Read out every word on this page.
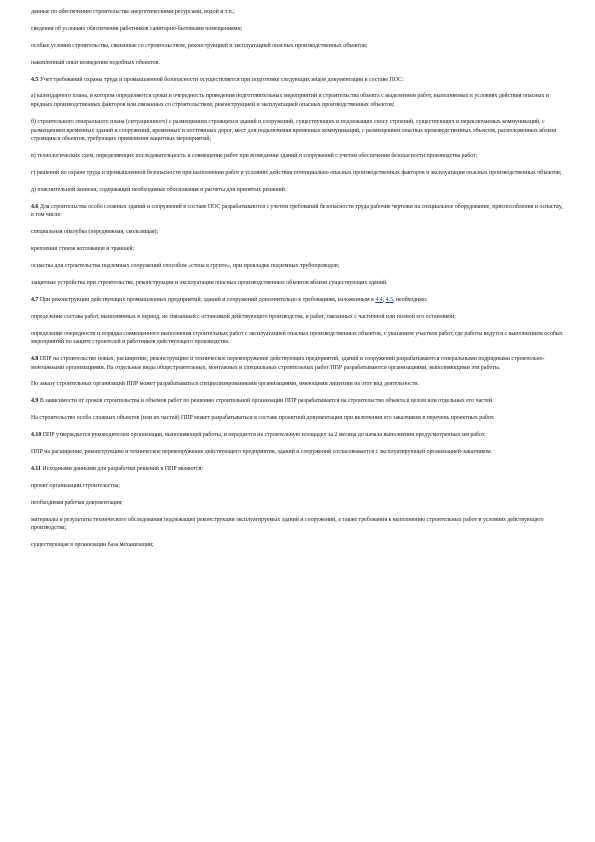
данные по обеспечению строительства энергетическими ресурсами, водой и т.п.;

сведения об условиях обеспечения работников санитарно-бытовыми помещениями;

особые условия строительства, связанные со строительством, реконструкцией и эксплуатацией опасных производственных объектов;

накопленный опыт возведения подобных объектов.

4.5 Учет требований охраны труда и промышленной безопасности осуществляется при подготовке следующих видов документации в составе ПОС:

а) календарного плана, в котором определяются сроки и очередность проведения подготовительных мероприятий и строительства объекта с выделением работ, выполняемых в условиях действия опасных и вредных производственных факторов или связанных со строительством, реконструкцией и эксплуатацией опасных производственных объектов;

б) строительного генерального плана (ситуационного) с размещением строящихся зданий и сооружений, существующих и подлежащих сносу строений, существующих и переключаемых коммуникаций, с размещением временных зданий и сооружений, временных и постоянных дорог, мест для подключения временных коммуникаций, с размещением опасных производственных объектов, расположенных вблизи строящихся объектов, требующих применения защитных мероприятий;

в) технологических схем, определяющих последовательность и совмещение работ при возведении зданий и сооружений с учетом обеспечения безопасности производства работ;

г) решений по охране труда и промышленной безопасности при выполнении работ в условиях действия потенциально опасных производственных факторов и эксплуатации опасных производственных объектов;

д) пояснительной записки, содержащей необходимые обоснования и расчеты для принятых решений.

4.6 Для строительства особо сложных зданий и сооружений в составе ПОС разрабатываются с учетом требований безопасности труда рабочие чертежи на специальное оборудование, приспособления и оснастку, в том числе:

специальная опалубка (передвижная, скользящая);

крепления стенок котлованов и траншей;

оснастка для строительства подземных сооружений способом «стена в грунте», при прокладке подземных трубопроводов;

защитные устройства при строительстве, реконструкции и эксплуатации опасных производственных объектов вблизи существующих зданий.

4.7 При реконструкции действующих промышленных предприятий, зданий и сооружений дополнительно к требованиям, изложенным в 4.4, 4.5, необходимо:

определение состава работ, выполняемых в период, не связанный с остановкой действующего производства, и работ, связанных с частичной или полной его остановкой;

определение очередности и порядка совмещенного выполнения строительных работ с эксплуатацией опасных производственных объектов, с указанием участков работ, где работы ведутся с выполнением особых мероприятий по защите строителей и работников действующего производства.

4.8 ППР на строительство новых, расширение, реконструкцию и техническое перевооружение действующих предприятий, зданий и сооружений разрабатываются генеральными подрядными строительно-монтажными организациями. На отдельные виды общестроительных, монтажных и специальных строительных работ ППР разрабатываются организациями, выполняющими эти работы.

По заказу строительных организаций ППР может разрабатываться специализированными организациями, имеющими лицензии на этот вид деятельности.

4.9 В зависимости от сроков строительства и объемов работ по решению строительной организации ППР разрабатывается на строительство объекта в целом или отдельных его частей.

На строительство особо сложных объектов (или их частей) ППР может разрабатываться в составе проектной документации при включении его заказчиком в перечень проектных работ.

4.10 ППР утверждается руководителем организации, выполняющей работы, и передается на строительную площадку за 2 месяца до начала выполнения предусмотренных им работ.

ППР на расширение, реконструкцию и техническое перевооружение действующего предприятия, зданий и сооружений согласовывается с эксплуатирующей организацией-заказчиком.

4.11 Исходными данными для разработки решений в ППР являются:

проект организации строительства;

необходимая рабочая документация;

материалы и результаты технического обследования подлежащих реконструкции эксплуатируемых зданий и сооружений, а также требования к выполнению строительных работ в условиях действующего производства;

существующая в организации база механизации;
